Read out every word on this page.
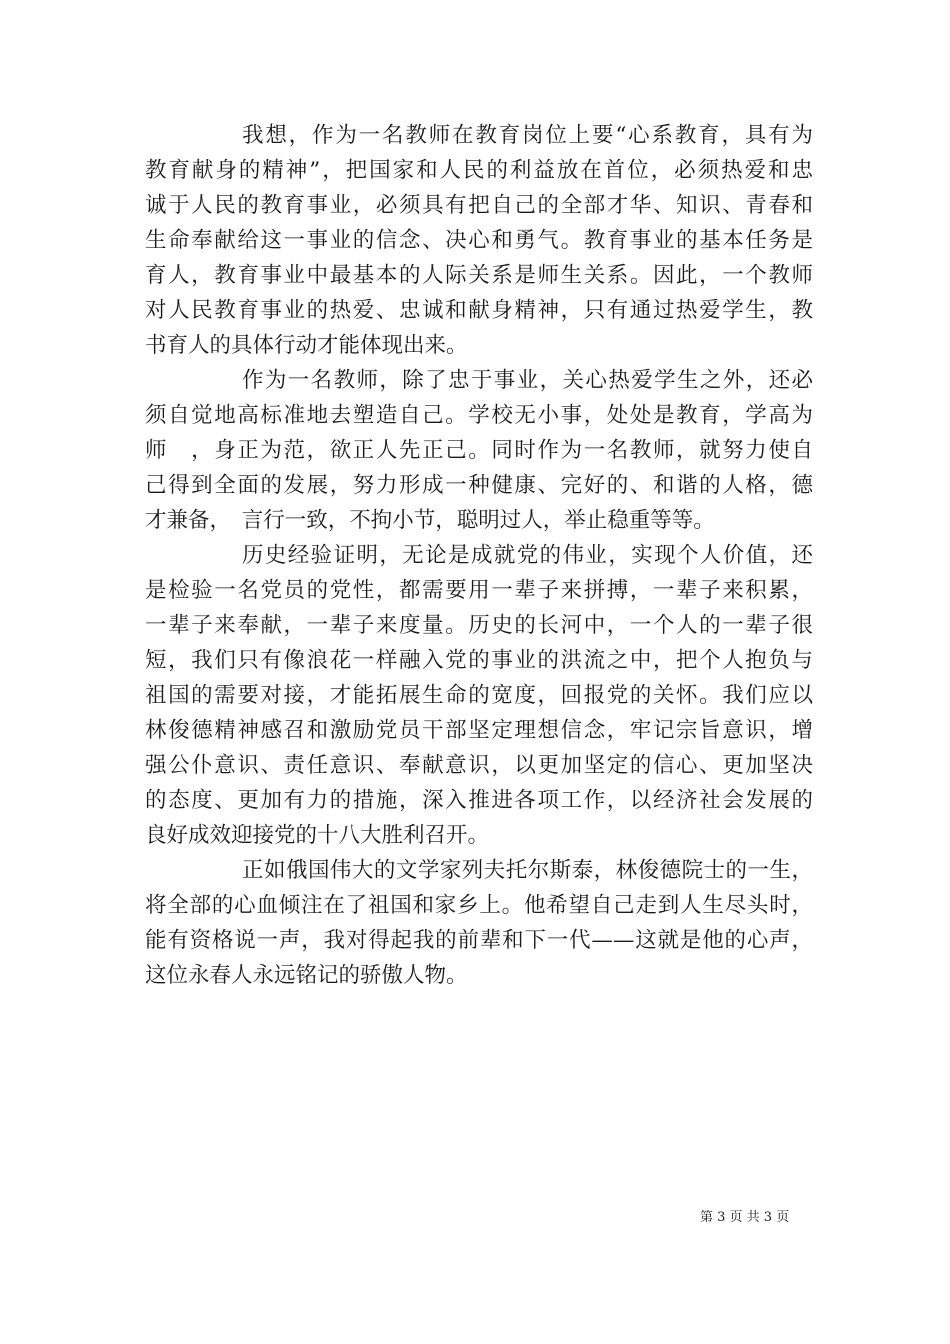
我想，作为一名教师在教育岗位上要“心系教育，具有为
教育献身的精神”，把国家和人民的利益放在首位，必须热爱和忠
诚于人民的教育事业，必须具有把自己的全部才华、知识、青春和
生命奉献给这一事业的信念、决心和勇气。教育事业的基本任务是
育人，教育事业中最基本的人际关系是师生关系。因此，一个教师
对人民教育事业的热爱、忠诚和献身精神，只有通过热爱学生，教
书育人的具体行动才能体现出来。
作为一名教师，除了忠于事业，关心热爱学生之外，还必
须自觉地高标准地去塑造自己。学校无小事，处处是教育，学高为
师　，身正为范，欲正人先正己。同时作为一名教师，就努力使自
己得到全面的发展，努力形成一种健康、完好的、和谐的人格，德
才兼备，　言行一致，不拘小节，聪明过人，举止稳重等等。
历史经验证明，无论是成就党的伟业，实现个人价值，还
是检验一名党员的党性，都需要用一辈子来拼搏，一辈子来积累，
一辈子来奉献，一辈子来度量。历史的长河中，一个人的一辈子很
短，我们只有像浪花一样融入党的事业的洪流之中，把个人抱负与
祖国的需要对接，才能拓展生命的宽度，回报党的关怀。我们应以
林俊德精神感召和激励党员干部坚定理想信念，牢记宗旨意识，增
强公仆意识、责任意识、奉献意识，以更加坚定的信心、更加坚决
的态度、更加有力的措施，深入推进各项工作，以经济社会发展的
良好成效迎接党的十八大胜利召开。
正如俄国伟大的文学家列夫托尔斯泰，林俊德院士的一生，
将全部的心血倾注在了祖国和家乡上。他希望自己走到人生尽头时，
能有资格说一声，我对得起我的前辈和下一代——这就是他的心声，
这位永春人永远铭记的骄傲人物。
第 3 页 共 3 页
